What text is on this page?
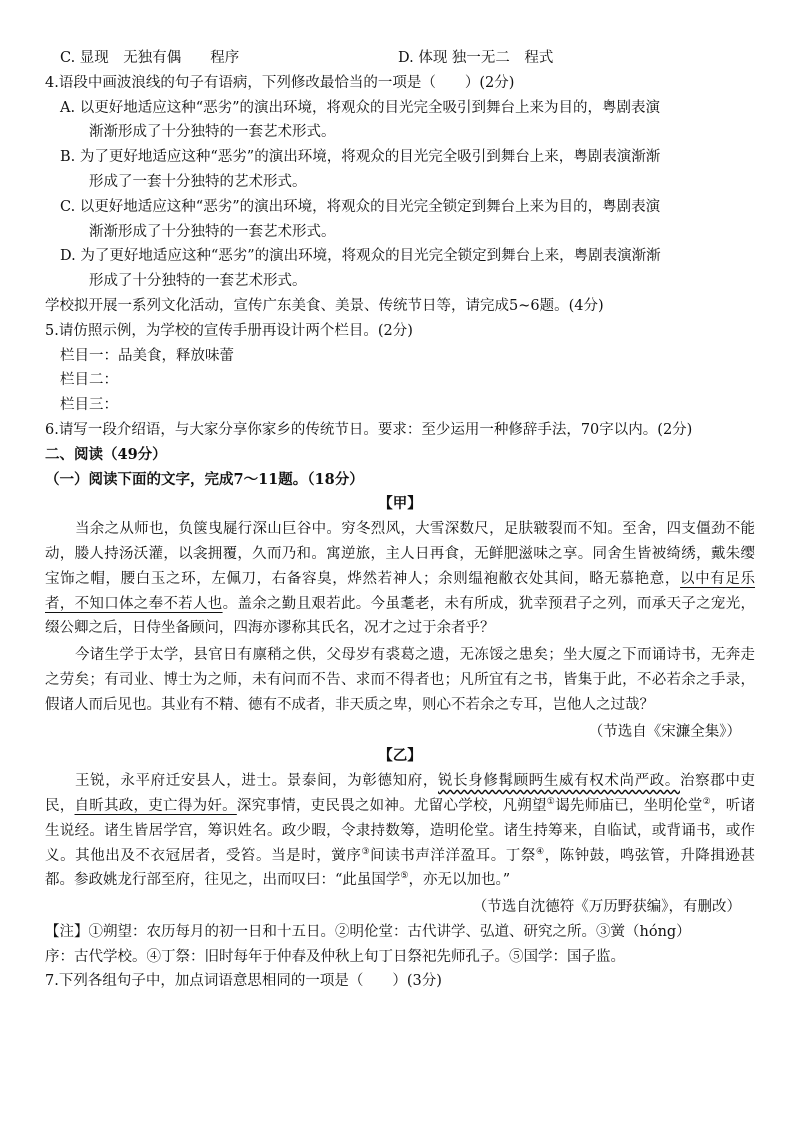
C. 显现　无独有偶　　程序	D. 体现 独一无二　程式
4.语段中画波浪线的句子有语病，下列修改最恰当的一项是（　　）(2分)
A. 以更好地适应这种“恶劣”的演出环境，将观众的目光完全吸引到舞台上来为目的，粤剧表演
渐渐形成了十分独特的一套艺术形式。
B. 为了更好地适应这种“恶劣”的演出环境，将观众的目光完全吸引到舞台上来，粤剧表演渐渐
形成了一套十分独特的艺术形式。
C. 以更好地适应这种“恶劣”的演出环境，将观众的目光完全锁定到舞台上来为目的，粤剧表演
渐渐形成了十分独特的一套艺术形式。
D. 为了更好地适应这种“恶劣”的演出环境，将观众的目光完全锁定到舞台上来，粤剧表演渐渐
形成了十分独特的一套艺术形式。
学校拟开展一系列文化活动，宣传广东美食、美景、传统节日等，请完成5~6题。(4分)
5.请仿照示例，为学校的宣传手册再设计两个栏目。(2分)
栏目一：品美食，释放味蕾
栏目二：
栏目三：
6.请写一段介绍语，与大家分享你家乡的传统节日。要求：至少运用一种修辞手法，70字以内。(2分)
二、阅读（49分）
（一）阅读下面的文字，完成7～11题。（18分）
【甲】
当余之从师也，负箧曳屣行深山巨谷中。穷冬烈风，大雪深数尺，足肤皲裂而不知。至舍，四支僵劲不能动，媵人持汤沃灌，以衾拥覆，久而乃和。寓逆旅，主人日再食，无鲜肥滋味之享。同舍生皆被绮绣，戴朱缨宝饰之帽，腰白玉之环，左佩刀，右备容臭，烨然若神人；余则缊袍敝衣处其间，略无慕艳意，以中有足乐者，不知口体之奉不若人也。盖余之勤且艰若此。今虽耄老，未有所成，犹幸预君子之列，而承天子之宠光，缀公卿之后，日侍坐备顾问，四海亦谬称其氏名，况才之过于余者乎？
今诸生学于太学，县官日有廪稍之供，父母岁有裘葛之遗，无冻馁之患矣；坐大厦之下而诵诗书，无奔走之劳矣；有司业、博士为之师，未有问而不告、求而不得者也；凡所宜有之书，皆集于此，不必若余之手录，假诸人而后见也。其业有不精、德有不成者，非天质之卑，则心不若余之专耳，岂他人之过哉？
（节选自《宋濂全集》）
【乙】
王锐，永平府迁安县人，进士。景泰间，为彰德知府，锐长身修髯顾眄生威有权术尚严政。治察郡中吏民，自昕其政，吏亡得为奸。深究事情，吏民畏之如神。尤留心学校，凡朔望①谒先师庙已，坐明伦堂②，听诸生说经。诸生皆居学宫，筹识姓名。政少暇，令隶持数筹，造明伦堂。诸生持筹来，自临试，或背诵书，或作义。其他出及不衣冠居者，受笞。当是时，黉序③间读书声洋洋盈耳。丁祭④，陈钟鼓，鸣弦管，升降揖逊甚都。参政姚龙行部至府，往见之，出而叹曰：“此虽国学⑤，亦无以加也。”
（节选自沈德符《万历野获编》，有删改）
【注】①朔望：农历每月的初一日和十五日。②明伦堂：古代讲学、弘道、研究之所。③黉（hóng）
序：古代学校。④丁祭：旧时每年于仲春及仲秋上旬丁日祭祀先师孔子。⑤国学：国子监。
7.下列各组句子中，加点词语意思相同的一项是（　　）(3分)
